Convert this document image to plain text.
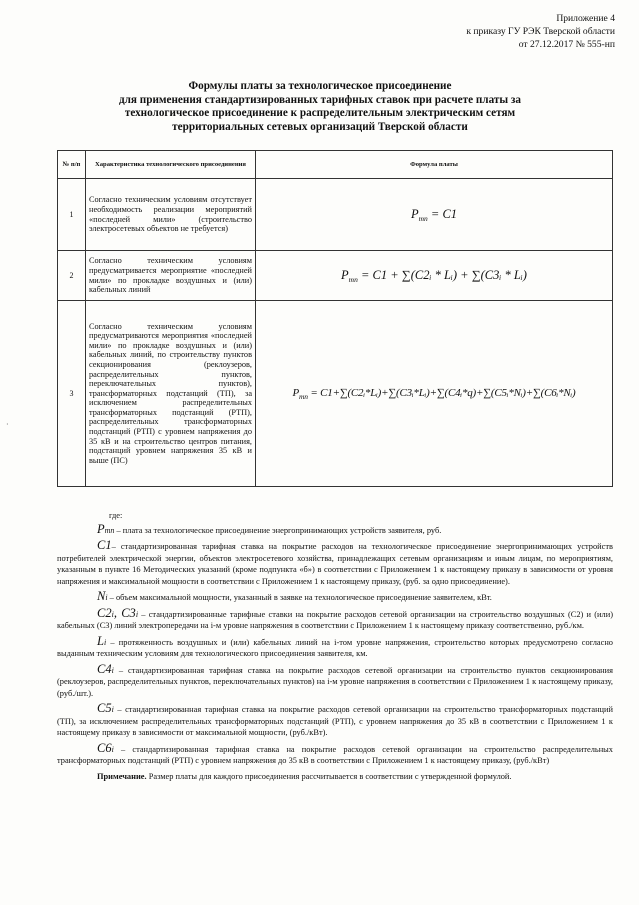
Приложение 4
к приказу ГУ РЭК Тверской области
от 27.12.2017 № 555-нп
Формулы платы за технологическое присоединение
для применения стандартизированных тарифных ставок при расчете платы за
технологическое присоединение к распределительным электрическим сетям
территориальных сетевых организаций Тверской области
№ п/п	Характеристика технологического присоединения	Формула платы
1	Согласно техническим условиям отсутствует необходимость реализации мероприятий «последней мили» (строительство электросетевых объектов не требуется)	$P_{тп} = C1$
2	Согласно техническим условиям предусматривается мероприятие «последней мили» по прокладке воздушных и (или) кабельных линий	$P_{тп} = C1$ + ∑(C2ᵢ * Lᵢ) + ∑(C3ᵢ * Lᵢ)
3	Согласно техническим условиям предусматриваются мероприятия «последней мили» по прокладке воздушных и (или) кабельных линий, по строительству пунктов секционирования (реклоузеров, распределительных пунктов, переключательных пунктов), трансформаторных подстанций (ТП), за исключением распределительных трансформаторных подстанций (РТП), распределительных трансформаторных подстанций (РТП) с уровнем напряжения до 35 кВ и на строительство центров питания, подстанций уровнем напряжения 35 кВ и выше (ПС)	$P_{тп}$ = C1+∑(C2ᵢ*Lᵢ)+∑(C3ᵢ*Lᵢ)+∑(C4ᵢ*q)+∑(C5ᵢ*Nᵢ)+∑(C6ᵢ*Nᵢ)
·
где:
Pтп – плата за технологическое присоединение энергопринимающих устройств заявителя, руб.
C1– стандартизированная тарифная ставка на покрытие расходов на технологическое присоединение энергопринимающих устройств потребителей электрической энергии, объектов электросетевого хозяйства, принадлежащих сетевым организациям и иным лицам, по мероприятиям, указанным в пункте 16 Методических указаний (кроме подпункта «б») в соответствии с Приложением 1 к настоящему приказу в зависимости от уровня напряжения и максимальной мощности в соответствии с Приложением 1 к настоящему приказу, (руб. за одно присоединение).
Ni – объем максимальной мощности, указанный в заявке на технологическое присоединение заявителем, кВт.
C2i, C3i – стандартизированные тарифные ставки на покрытие расходов сетевой организации на строительство воздушных (С2) и (или) кабельных (С3) линий электропередачи на i-м уровне напряжения в соответствии с Приложением 1 к настоящему приказу соответственно, руб./км.
Li – протяженность воздушных и (или) кабельных линий на i-том уровне напряжения, строительство которых предусмотрено согласно выданным техническим условиям для технологического присоединения заявителя, км.
C4i – стандартизированная тарифная ставка на покрытие расходов сетевой организации на строительство пунктов секционирования (реклоузеров, распределительных пунктов, переключательных пунктов) на i-м уровне напряжения в соответствии с Приложением 1 к настоящему приказу, (руб./шт.).
C5i – стандартизированная тарифная ставка на покрытие расходов сетевой организации на строительство трансформаторных подстанций (ТП), за исключением распределительных трансформаторных подстанций (РТП), с уровнем напряжения до 35 кВ в соответствии с Приложением 1 к настоящему приказу в зависимости от максимальной мощности, (руб./кВт).
C6i – стандартизированная тарифная ставка на покрытие расходов сетевой организации на строительство распределительных трансформаторных подстанций (РТП) с уровнем напряжения до 35 кВ в соответствии с Приложением 1 к настоящему приказу, (руб./кВт)
Примечание. Размер платы для каждого присоединения рассчитывается в соответствии с утвержденной формулой.
